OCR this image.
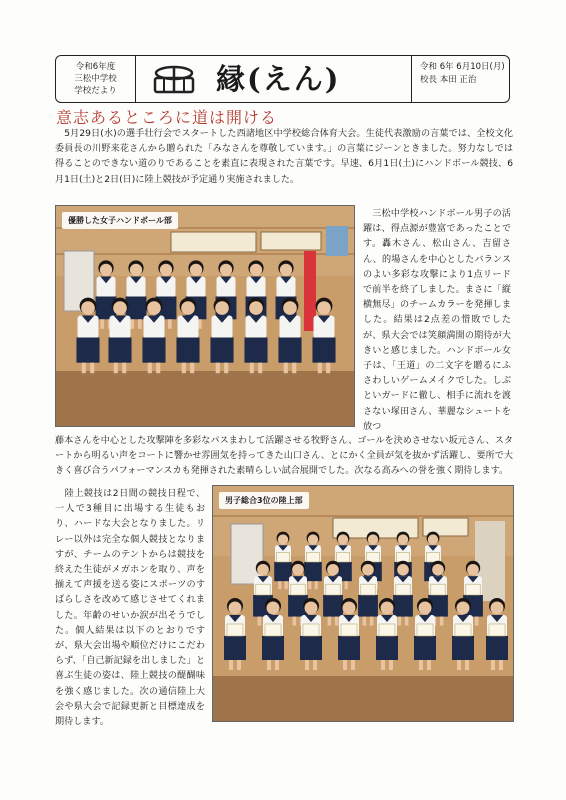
令和6年度
三松中学校
学校だより	縁(えん)	令和 6年 6月10日(月)
校長 本田 正治
意志あるところに道は開ける

　5月29日(水)の選手壮行会でスタートした西諸地区中学校総合体育大会。生徒代表激励の言葉では、全校文化委員長の川野来花さんから贈られた「みなさんを尊敬しています。」の言葉にジーンときました。努力なしでは得ることのできない道のりであることを素直に表現された言葉です。早速、6月1日(土)にハンドボール競技、6月1日(土)と2日(日)に陸上競技が予定通り実施されました。

優勝した女子ハンドボール部

　三松中学校ハンドボール男子の活躍は、得点源が豊富であったことです。轟木さん、松山さん、吉留さん、的場さんを中心としたバランスのよい多彩な攻撃により1点リードで前半を終了しました。まさに「縦横無尽」のチームカラーを発揮しました。結果は2点差の惜敗でしたが、県大会では笑顔満開の期待が大きいと感じました。ハンドボール女子は、「王道」の二文字を贈るにふさわしいゲームメイクでした。しぶといガードに徹し、相手に流れを渡さない塚田さん、華麗なシュートを放つ

藤本さんを中心とした攻撃陣を多彩なパスまわして活躍させる牧野さん、ゴールを決めさせない坂元さん、スタートから明るい声をコートに響かせ雰囲気を持ってきた山口さん、とにかく全員が気を抜かず活躍し、要所で大きく喜び合うパフォーマンスカも発揮された素晴らしい試合展開でした。次なる高みへの誉を強く期待します。

男子総合3位の陸上部

　陸上競技は2日間の競技日程で、一人で3種目に出場する生徒もおり、ハードな大会となりました。リレー以外は完全な個人競技となりますが、チームのテントからは競技を終えた生徒がメガホンを取り、声を揃えて声援を送る姿にスポーツのすばらしさを改めて感じさせてくれました。年齢のせいか涙が出そうでした。個人結果は以下のとおりですが、県大会出場や順位だけにこだわらず、「自己新記録を出しました」と喜ぶ生徒の姿は、陸上競技の醍醐味を強く感じました。次の通信陸上大会や県大会で記録更新と目標達成を期待します。
